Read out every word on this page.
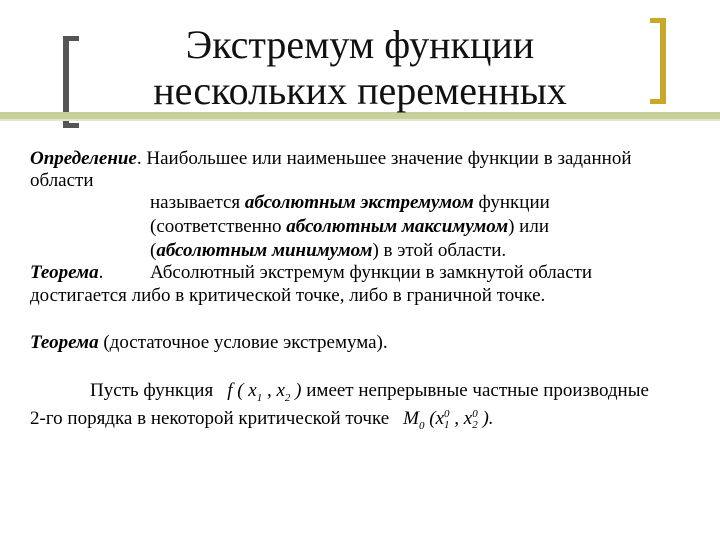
Экстремум функции
нескольких переменных
Определение. Наибольшее или наименьшее значение функции в заданной
области
называется абсолютным экстремумом функции
(соответственно абсолютным максимумом) или
(абсолютным минимумом) в этой области.
Теорема. Абсолютный экстремум функции в замкнутой области
достигается либо в критической точке, либо в граничной точке.
Теорема (достаточное условие экстремума).
Пусть функция f ( $x_1$ , $x_2$ ) имеет непрерывные частные производные
2-го порядка в некоторой критической точке $M_0$ (x 0
1 , x 0
2 ).
